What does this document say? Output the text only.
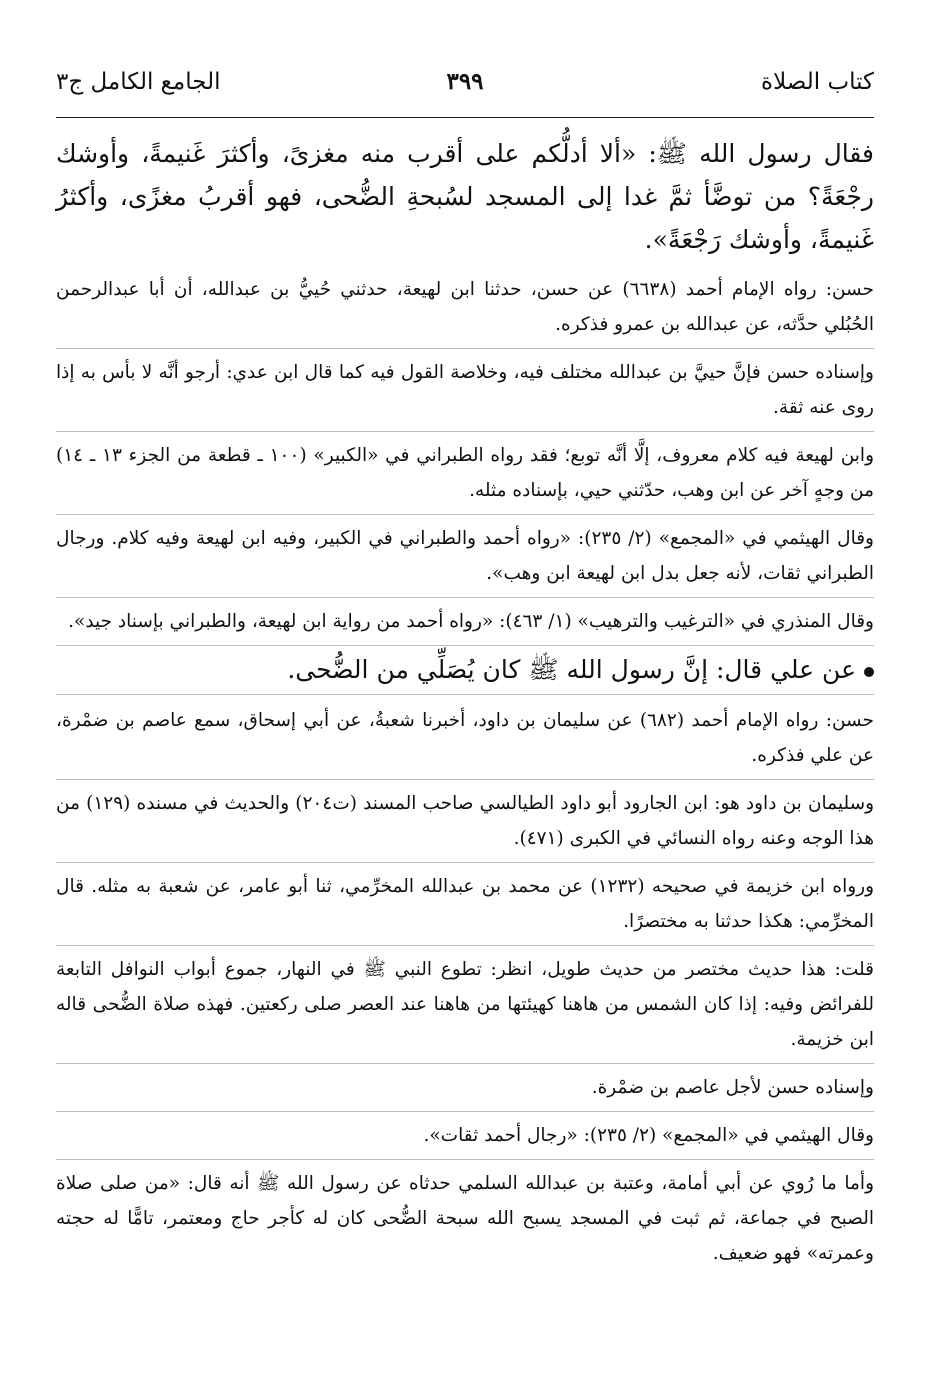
كتاب الصلاة
٣٩٩
الجامع الكامل ج٣

فقال رسول الله ﷺ: «ألا أدلُّكم على أقرب منه مغزىً، وأكثرَ غَنيمةً، وأوشك رجْعَةً؟ من توضَّأ ثمَّ غدا إلى المسجد لسُبحةِ الضُّحى، فهو أقربُ مغزًى، وأكثرُ غَنيمةً، وأوشك رَجْعَةً».

حسن: رواه الإمام أحمد (٦٦٣٨) عن حسن، حدثنا ابن لهيعة، حدثني حُييُّ بن عبدالله، أن أبا عبدالرحمن الحُبُلي حدَّثه، عن عبدالله بن عمرو فذكره.

وإسناده حسن فإنَّ حييَّ بن عبدالله مختلف فيه، وخلاصة القول فيه كما قال ابن عدي: أرجو أنَّه لا بأس به إذا روى عنه ثقة.

وابن لهيعة فيه كلام معروف، إلَّا أنَّه توبع؛ فقد رواه الطبراني في «الكبير» (١٠٠ ـ قطعة من الجزء ١٣ ـ ١٤) من وجهٍ آخر عن ابن وهب، حدّثني حيي، بإسناده مثله.

وقال الهيثمي في «المجمع» (٢/ ٢٣٥): «رواه أحمد والطبراني في الكبير، وفيه ابن لهيعة وفيه كلام. ورجال الطبراني ثقات، لأنه جعل بدل ابن لهيعة ابن وهب».

وقال المنذري في «الترغيب والترهيب» (١/ ٤٦٣): «رواه أحمد من رواية ابن لهيعة، والطبراني بإسناد جيد».

عن علي قال: إنَّ رسول الله ﷺ كان يُصَلِّي من الضُّحى.

حسن: رواه الإمام أحمد (٦٨٢) عن سليمان بن داود، أخبرنا شعبةُ، عن أبي إسحاق، سمع عاصم بن ضمْرة، عن علي فذكره.

وسليمان بن داود هو: ابن الجارود أبو داود الطيالسي صاحب المسند (ت٢٠٤) والحديث في مسنده (١٢٩) من هذا الوجه وعنه رواه النسائي في الكبرى (٤٧١).

ورواه ابن خزيمة في صحيحه (١٢٣٢) عن محمد بن عبدالله المخرِّمي، ثنا أبو عامر، عن شعبة به مثله. قال المخرِّمي: هكذا حدثنا به مختصرًا.

قلت: هذا حديث مختصر من حديث طويل، انظر: تطوع النبي ﷺ في النهار، جموع أبواب النوافل التابعة للفرائض وفيه: إذا كان الشمس من هاهنا كهيئتها من هاهنا عند العصر صلى ركعتين. فهذه صلاة الضُّحى قاله ابن خزيمة.

وإسناده حسن لأجل عاصم بن ضمْرة.

وقال الهيثمي في «المجمع» (٢/ ٢٣٥): «رجال أحمد ثقات».

وأما ما رُوي عن أبي أمامة، وعتبة بن عبدالله السلمي حدثاه عن رسول الله ﷺ أنه قال: «من صلى صلاة الصبح في جماعة، ثم ثبت في المسجد يسبح الله سبحة الضُّحى كان له كأجر حاج ومعتمر، تامًّا له حجته وعمرته» فهو ضعيف.
